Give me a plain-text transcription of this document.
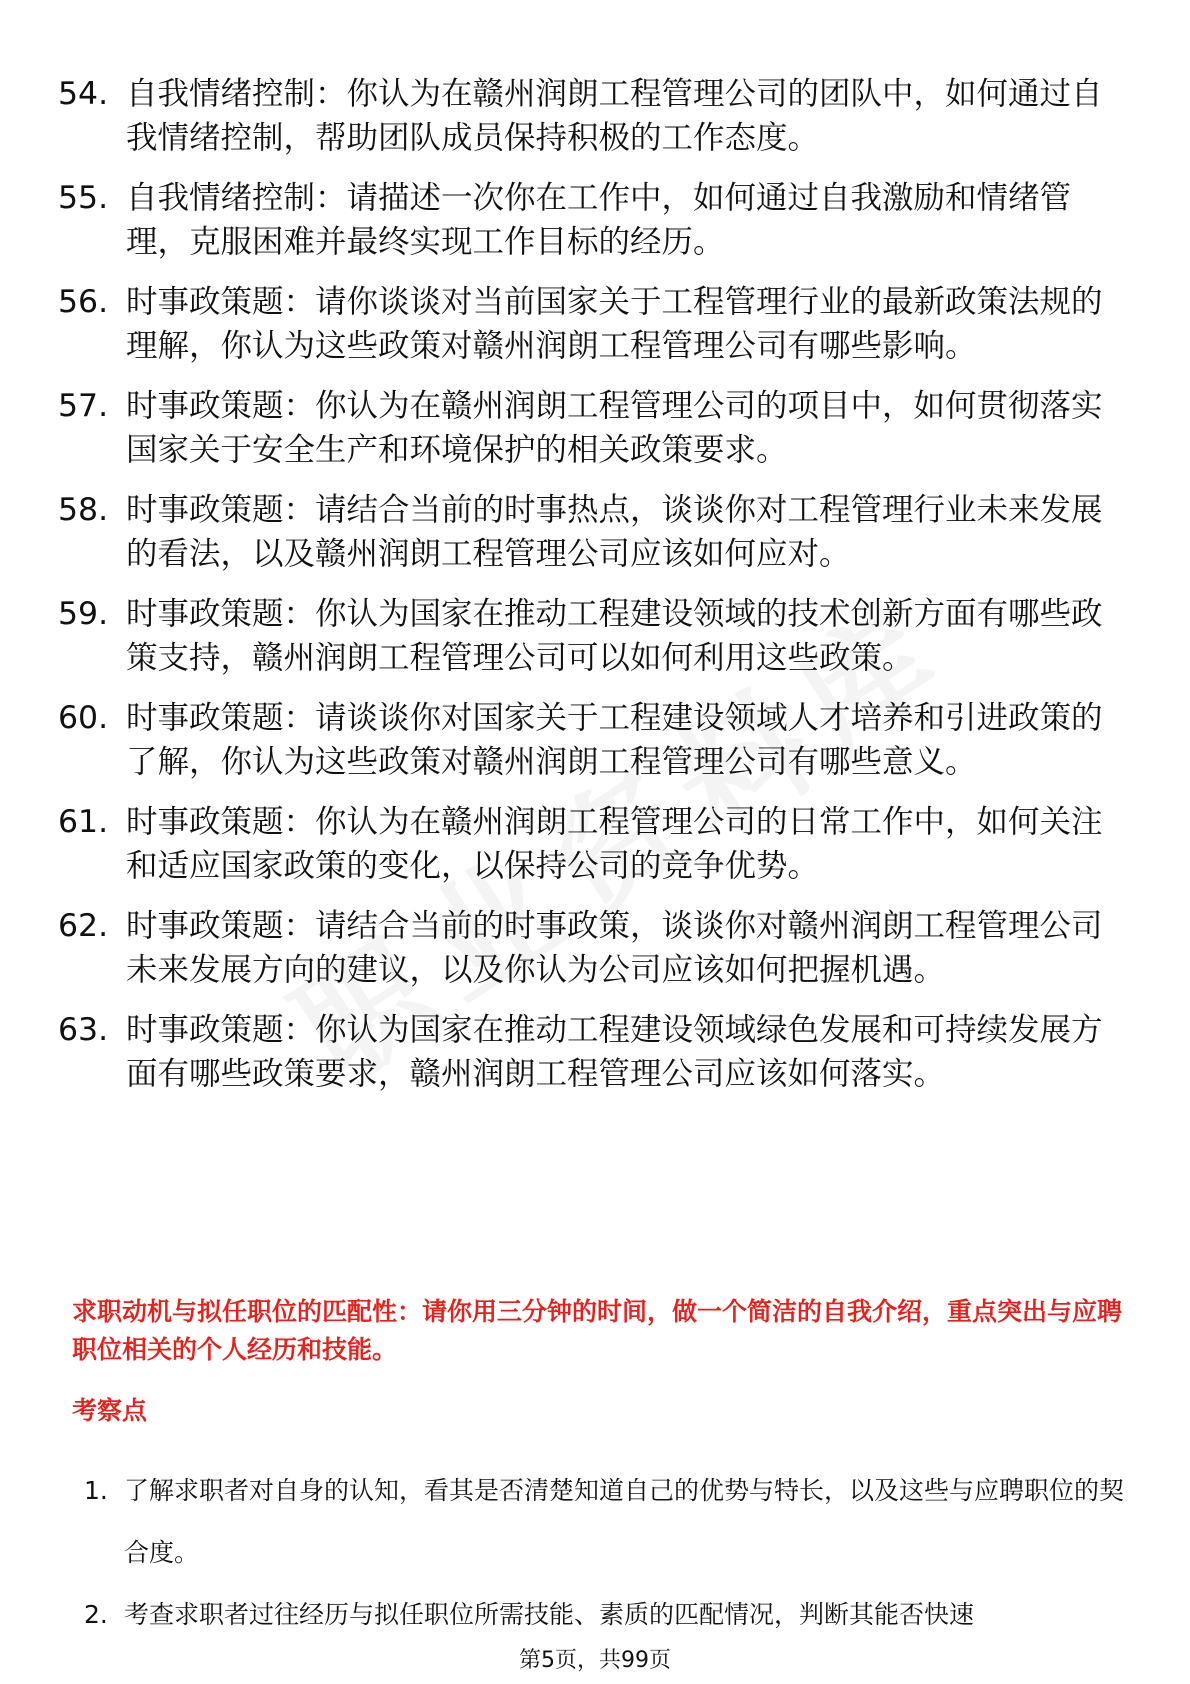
54. 自我情绪控制：你认为在赣州润朗工程管理公司的团队中，如何通过自我情绪控制，帮助团队成员保持积极的工作态度。
55. 自我情绪控制：请描述一次你在工作中，如何通过自我激励和情绪管理，克服困难并最终实现工作目标的经历。
56. 时事政策题：请你谈谈对当前国家关于工程管理行业的最新政策法规的理解，你认为这些政策对赣州润朗工程管理公司有哪些影响。
57. 时事政策题：你认为在赣州润朗工程管理公司的项目中，如何贯彻落实国家关于安全生产和环境保护的相关政策要求。
58. 时事政策题：请结合当前的时事热点，谈谈你对工程管理行业未来发展的看法，以及赣州润朗工程管理公司应该如何应对。
59. 时事政策题：你认为国家在推动工程建设领域的技术创新方面有哪些政策支持，赣州润朗工程管理公司可以如何利用这些政策。
60. 时事政策题：请谈谈你对国家关于工程建设领域人才培养和引进政策的了解，你认为这些政策对赣州润朗工程管理公司有哪些意义。
61. 时事政策题：你认为在赣州润朗工程管理公司的日常工作中，如何关注和适应国家政策的变化，以保持公司的竞争优势。
62. 时事政策题：请结合当前的时事政策，谈谈你对赣州润朗工程管理公司未来发展方向的建议，以及你认为公司应该如何把握机遇。
63. 时事政策题：你认为国家在推动工程建设领域绿色发展和可持续发展方面有哪些政策要求，赣州润朗工程管理公司应该如何落实。
求职动机与拟任职位的匹配性：请你用三分钟的时间，做一个简洁的自我介绍，重点突出与应聘职位相关的个人经历和技能。
考察点
1. 了解求职者对自身的认知，看其是否清楚知道自己的优势与特长，以及这些与应聘职位的契合度。
2. 考查求职者过往经历与拟任职位所需技能、素质的匹配情况，判断其能否快速
第5页，共99页
